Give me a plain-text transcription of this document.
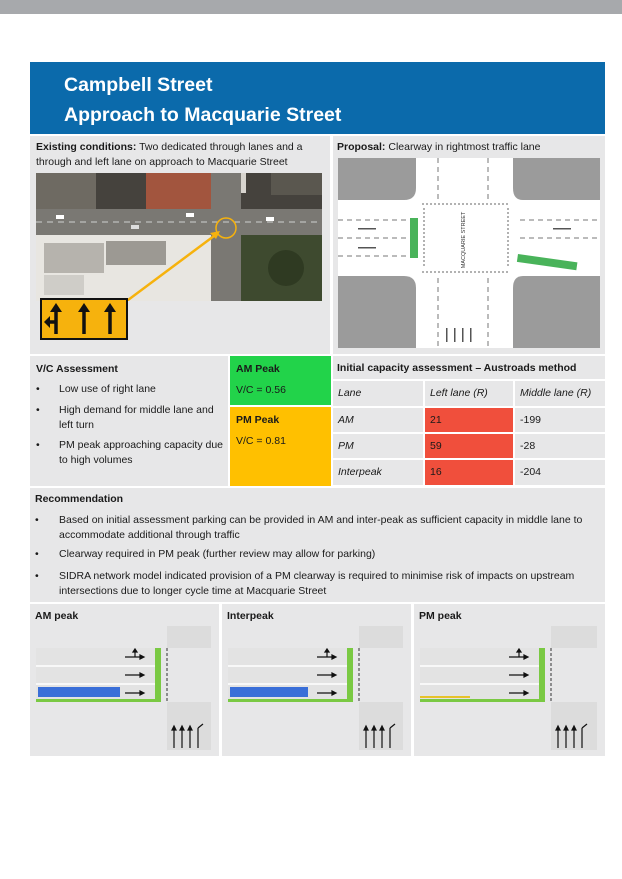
Campbell Street
Approach to Macquarie Street
Existing conditions: Two dedicated through lanes and a through and left lane on approach to Macquarie Street
Proposal: Clearway in rightmost traffic lane
MACQUARIE STREET
V/C Assessment
• Low use of right lane
• High demand for middle lane and left turn
• PM peak approaching capacity due to high volumes
AM Peak
V/C = 0.56
PM Peak
V/C = 0.81
Initial capacity assessment – Austroads method
Lane	Left lane (R)	Middle lane (R)
AM	21	-199
PM	59	-28
Interpeak	16	-204
Recommendation
• Based on initial assessment parking can be provided in AM and inter-peak as sufficient capacity in middle lane to accommodate additional through traffic
• Clearway required in PM peak (further review may allow for parking)
• SIDRA network model indicated provision of a PM clearway is required to minimise risk of impacts on upstream intersections due to longer cycle time at Macquarie Street
AM peak	Interpeak	PM peak
